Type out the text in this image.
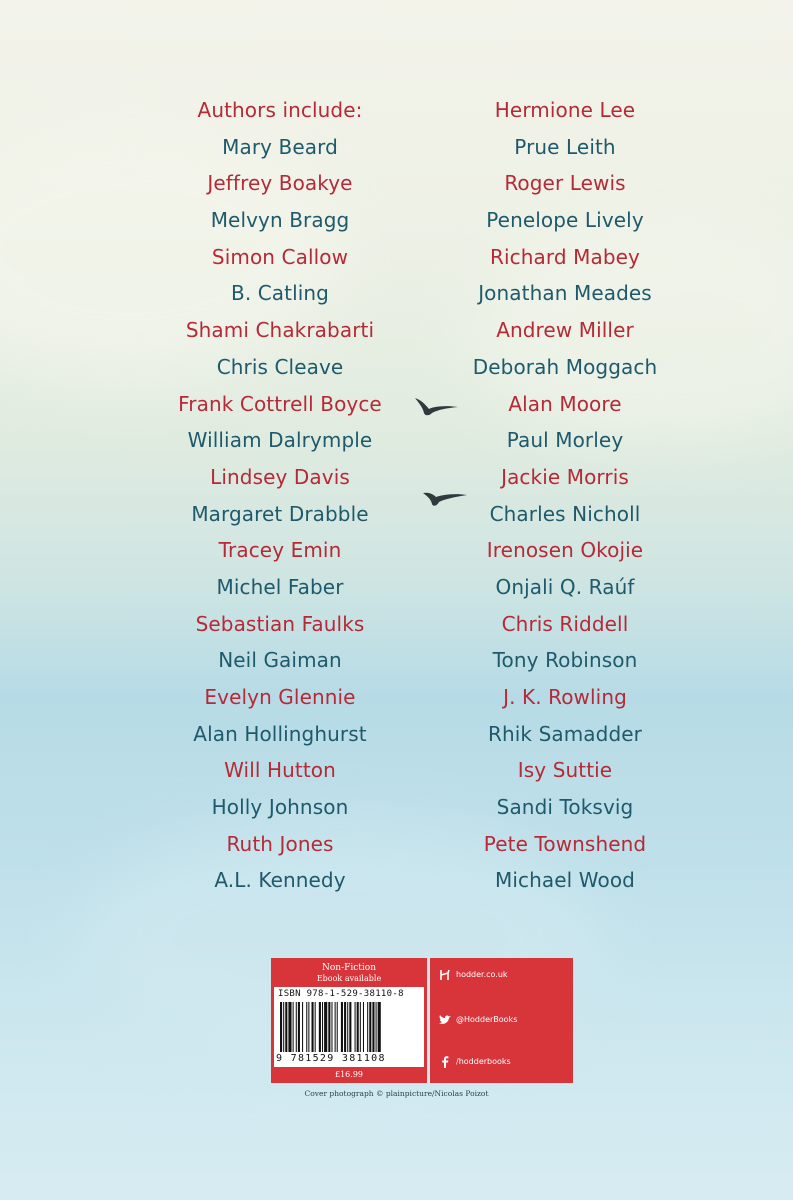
Authors include:
Mary Beard
Jeffrey Boakye
Melvyn Bragg
Simon Callow
B. Catling
Shami Chakrabarti
Chris Cleave
Frank Cottrell Boyce
William Dalrymple
Lindsey Davis
Margaret Drabble
Tracey Emin
Michel Faber
Sebastian Faulks
Neil Gaiman
Evelyn Glennie
Alan Hollinghurst
Will Hutton
Holly Johnson
Ruth Jones
A.L. Kennedy
Hermione Lee
Prue Leith
Roger Lewis
Penelope Lively
Richard Mabey
Jonathan Meades
Andrew Miller
Deborah Moggach
Alan Moore
Paul Morley
Jackie Morris
Charles Nicholl
Irenosen Okojie
Onjali Q. Raúf
Chris Riddell
Tony Robinson
J. K. Rowling
Rhik Samadder
Isy Suttie
Sandi Toksvig
Pete Townshend
Michael Wood
Non-Fiction
Ebook available
ISBN 978-1-529-38110-8
9 781529 381108
£16.99
hodder.co.uk
@HodderBooks
/hodderbooks
Cover photograph © plainpicture/Nicolas Poizot
